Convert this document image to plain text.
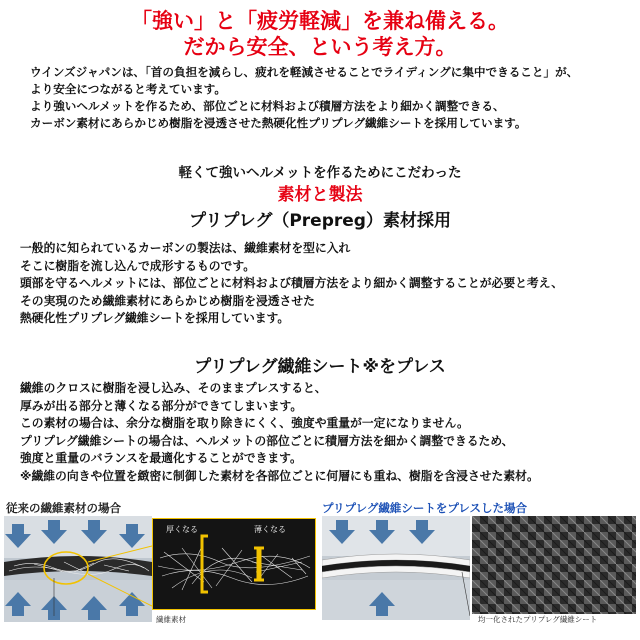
「強い」と「疲労軽減」を兼ね備える。
だから安全、という考え方。
ウインズジャパンは、「首の負担を減らし、疲れを軽減させることでライディングに集中できること」が、
より安全につながると考えています。
より強いヘルメットを作るため、部位ごとに材料および積層方法をより細かく調整できる、
カーボン素材にあらかじめ樹脂を浸透させた熱硬化性プリプレグ繊維シートを採用しています。
軽くて強いヘルメットを作るためにこだわった
素材と製法
プリプレグ（Prepreg）素材採用
一般的に知られているカーボンの製法は、繊維素材を型に入れ
そこに樹脂を流し込んで成形するものです。
頭部を守るヘルメットには、部位ごとに材料および積層方法をより細かく調整することが必要と考え、
その実現のため繊維素材にあらかじめ樹脂を浸透させた
熱硬化性プリプレグ繊維シートを採用しています。
プリプレグ繊維シート※をプレス
繊維のクロスに樹脂を浸し込み、そのままプレスすると、
厚みが出る部分と薄くなる部分ができてしまいます。
この素材の場合は、余分な樹脂を取り除きにくく、強度や重量が一定になりません。
プリプレグ繊維シートの場合は、ヘルメットの部位ごとに積層方法を細かく調整できるため、
強度と重量のバランスを最適化することができます。
※繊維の向きや位置を緻密に制御した素材を各部位ごとに何層にも重ね、樹脂を含浸させた素材。
従来の繊維素材の場合	プリプレグ繊維シートをプレスした場合
繊維素材
厚くなる	薄くなる
均一化されたプリプレグ繊維シート
